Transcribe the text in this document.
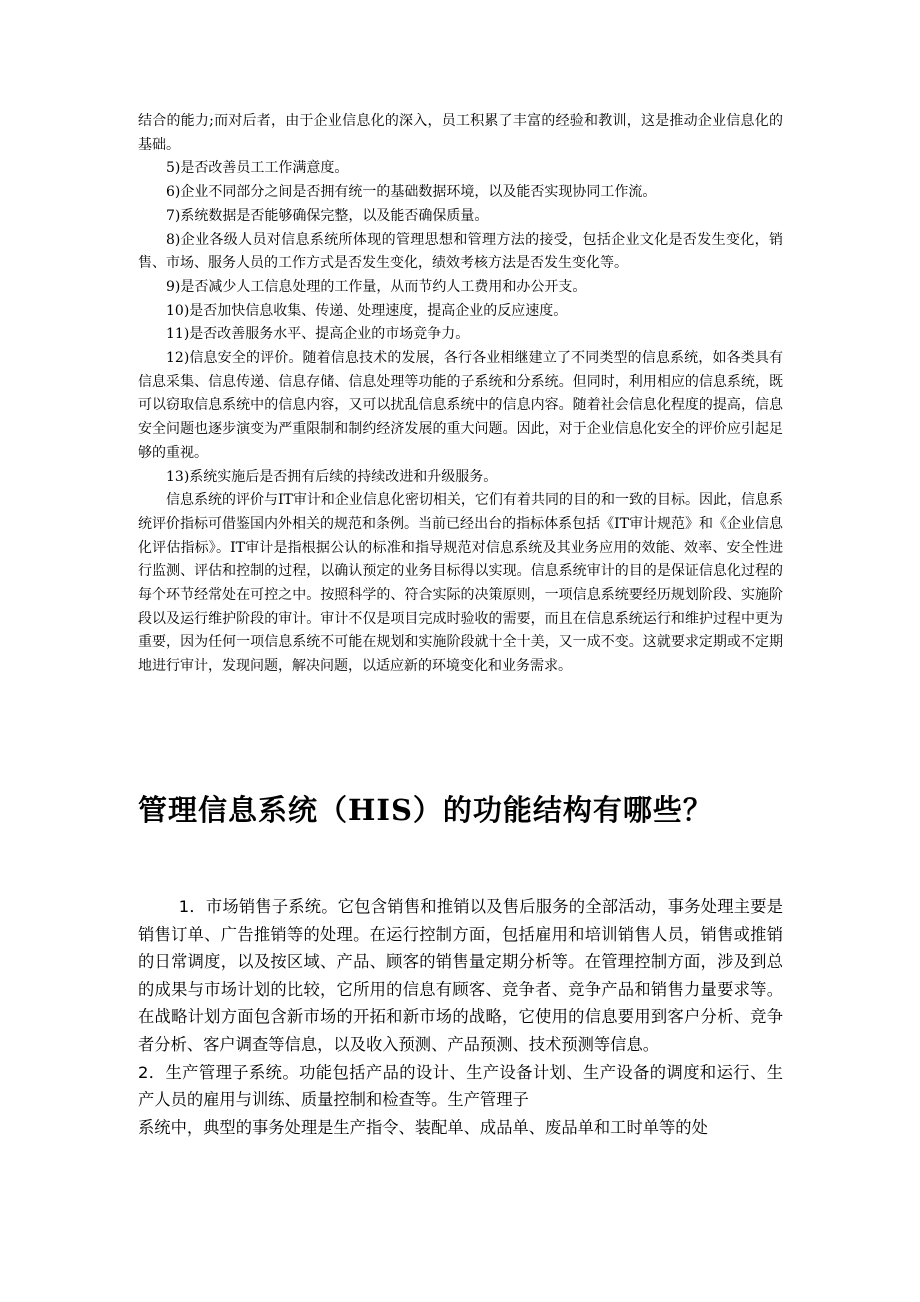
结合的能力;而对后者，由于企业信息化的深入，员工积累了丰富的经验和教训，这是推动企业信息化的基础。

5)是否改善员工工作满意度。

6)企业不同部分之间是否拥有统一的基础数据环境，以及能否实现协同工作流。

7)系统数据是否能够确保完整，以及能否确保质量。

8)企业各级人员对信息系统所体现的管理思想和管理方法的接受，包括企业文化是否发生变化，销售、市场、服务人员的工作方式是否发生变化，绩效考核方法是否发生变化等。

9)是否减少人工信息处理的工作量，从而节约人工费用和办公开支。

10)是否加快信息收集、传递、处理速度，提高企业的反应速度。

11)是否改善服务水平、提高企业的市场竞争力。

12)信息安全的评价。随着信息技术的发展，各行各业相继建立了不同类型的信息系统，如各类具有信息采集、信息传递、信息存储、信息处理等功能的子系统和分系统。但同时，利用相应的信息系统，既可以窃取信息系统中的信息内容，又可以扰乱信息系统中的信息内容。随着社会信息化程度的提高，信息安全问题也逐步演变为严重限制和制约经济发展的重大问题。因此，对于企业信息化安全的评价应引起足够的重视。

13)系统实施后是否拥有后续的持续改进和升级服务。

信息系统的评价与IT审计和企业信息化密切相关，它们有着共同的目的和一致的目标。因此，信息系统评价指标可借鉴国内外相关的规范和条例。当前已经出台的指标体系包括《IT审计规范》和《企业信息化评估指标》。IT审计是指根据公认的标准和指导规范对信息系统及其业务应用的效能、效率、安全性进行监测、评估和控制的过程，以确认预定的业务目标得以实现。信息系统审计的目的是保证信息化过程的每个环节经常处在可控之中。按照科学的、符合实际的决策原则，一项信息系统要经历规划阶段、实施阶段以及运行维护阶段的审计。审计不仅是项目完成时验收的需要，而且在信息系统运行和维护过程中更为重要，因为任何一项信息系统不可能在规划和实施阶段就十全十美，又一成不变。这就要求定期或不定期地进行审计，发现问题，解决问题，以适应新的环境变化和业务需求。

管理信息系统（HIS）的功能结构有哪些？

1．市场销售子系统。它包含销售和推销以及售后服务的全部活动，事务处理主要是销售订单、广告推销等的处理。在运行控制方面，包括雇用和培训销售人员，销售或推销的日常调度，以及按区域、产品、顾客的销售量定期分析等。在管理控制方面，涉及到总的成果与市场计划的比较，它所用的信息有顾客、竞争者、竞争产品和销售力量要求等。在战略计划方面包含新市场的开拓和新市场的战略，它使用的信息要用到客户分析、竞争者分析、客户调查等信息，以及收入预测、产品预测、技术预测等信息。

2．生产管理子系统。功能包括产品的设计、生产设备计划、生产设备的调度和运行、生产人员的雇用与训练、质量控制和检查等。生产管理子

系统中，典型的事务处理是生产指令、装配单、成品单、废品单和工时单等的处
